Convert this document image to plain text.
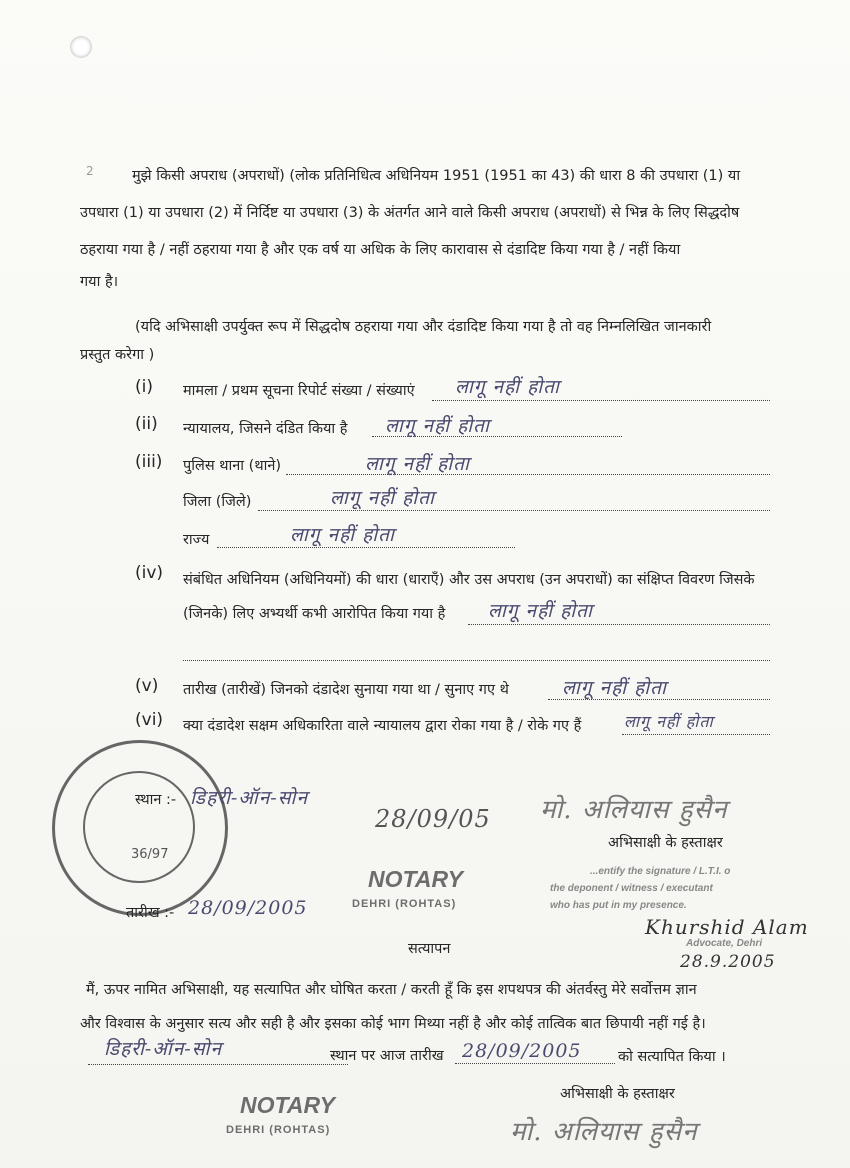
2	मुझे किसी अपराध (अपराधों) (लोक प्रतिनिधित्व अधिनियम 1951 (1951 का 43) की धारा 8 की उपधारा (1) या
उपधारा (1) या उपधारा (2) में निर्दिष्ट या उपधारा (3) के अंतर्गत आने वाले किसी अपराध (अपराधों) से भिन्न के लिए सिद्धदोष
ठहराया गया है / नहीं ठहराया गया है और एक वर्ष या अधिक के लिए कारावास से दंडादिष्ट किया गया है / नहीं किया
गया है।
(यदि अभिसाक्षी उपर्युक्त रूप में सिद्धदोष ठहराया गया और दंडादिष्ट किया गया है तो वह निम्नलिखित जानकारी
प्रस्तुत करेगा )
(i) मामला / प्रथम सूचना रिपोर्ट संख्या / संख्याएं लागू नहीं होता
(ii) न्यायालय, जिसने दंडित किया है लागू नहीं होता
(iii) पुलिस थाना (थाने)	लागू नहीं होता
जिला (जिले)	लागू नहीं होता
राज्य	लागू नहीं होता
(iv) संबंधित अधिनियम (अधिनियमों) की धारा (धाराएँ) और उस अपराध (उन अपराधों) का संक्षिप्त विवरण जिसके
(जिनके) लिए अभ्यर्थी कभी आरोपित किया गया है लागू नहीं होता
(v) तारीख (तारीखें) जिनको दंडादेश सुनाया गया था / सुनाए गए थे	लागू नहीं होता
(vi) क्या दंडादेश सक्षम अधिकारिता वाले न्यायालय द्वारा रोका गया है / रोके गए हैं	लागू नहीं होता
36/97
स्थान :- डिहरी-ऑन-सोन
28/09/05 मो. अलियास हुसैन
अभिसाक्षी के हस्ताक्षर
NOTARY
DEHRI (ROHTAS)
...entify the signature / L.T.I. o
the deponent / witness / executant
who has put in my presence.
तारीख :- 28/09/2005
Khurshid Alam
Advocate, Dehri
28.9.2005
सत्यापन
मैं, ऊपर नामित अभिसाक्षी, यह सत्यापित और घोषित करता / करती हूँ कि इस शपथपत्र की अंतर्वस्तु मेरे सर्वोत्तम ज्ञान
और विश्वास के अनुसार सत्य और सही है और इसका कोई भाग मिथ्या नहीं है और कोई तात्विक बात छिपायी नहीं गई है।
डिहरी-ऑन-सोन	स्थान पर आज तारीख 28/09/2005	को सत्यापित किया ।
NOTARY
DEHRI (ROHTAS)
अभिसाक्षी के हस्ताक्षर
मो. अलियास हुसैन
